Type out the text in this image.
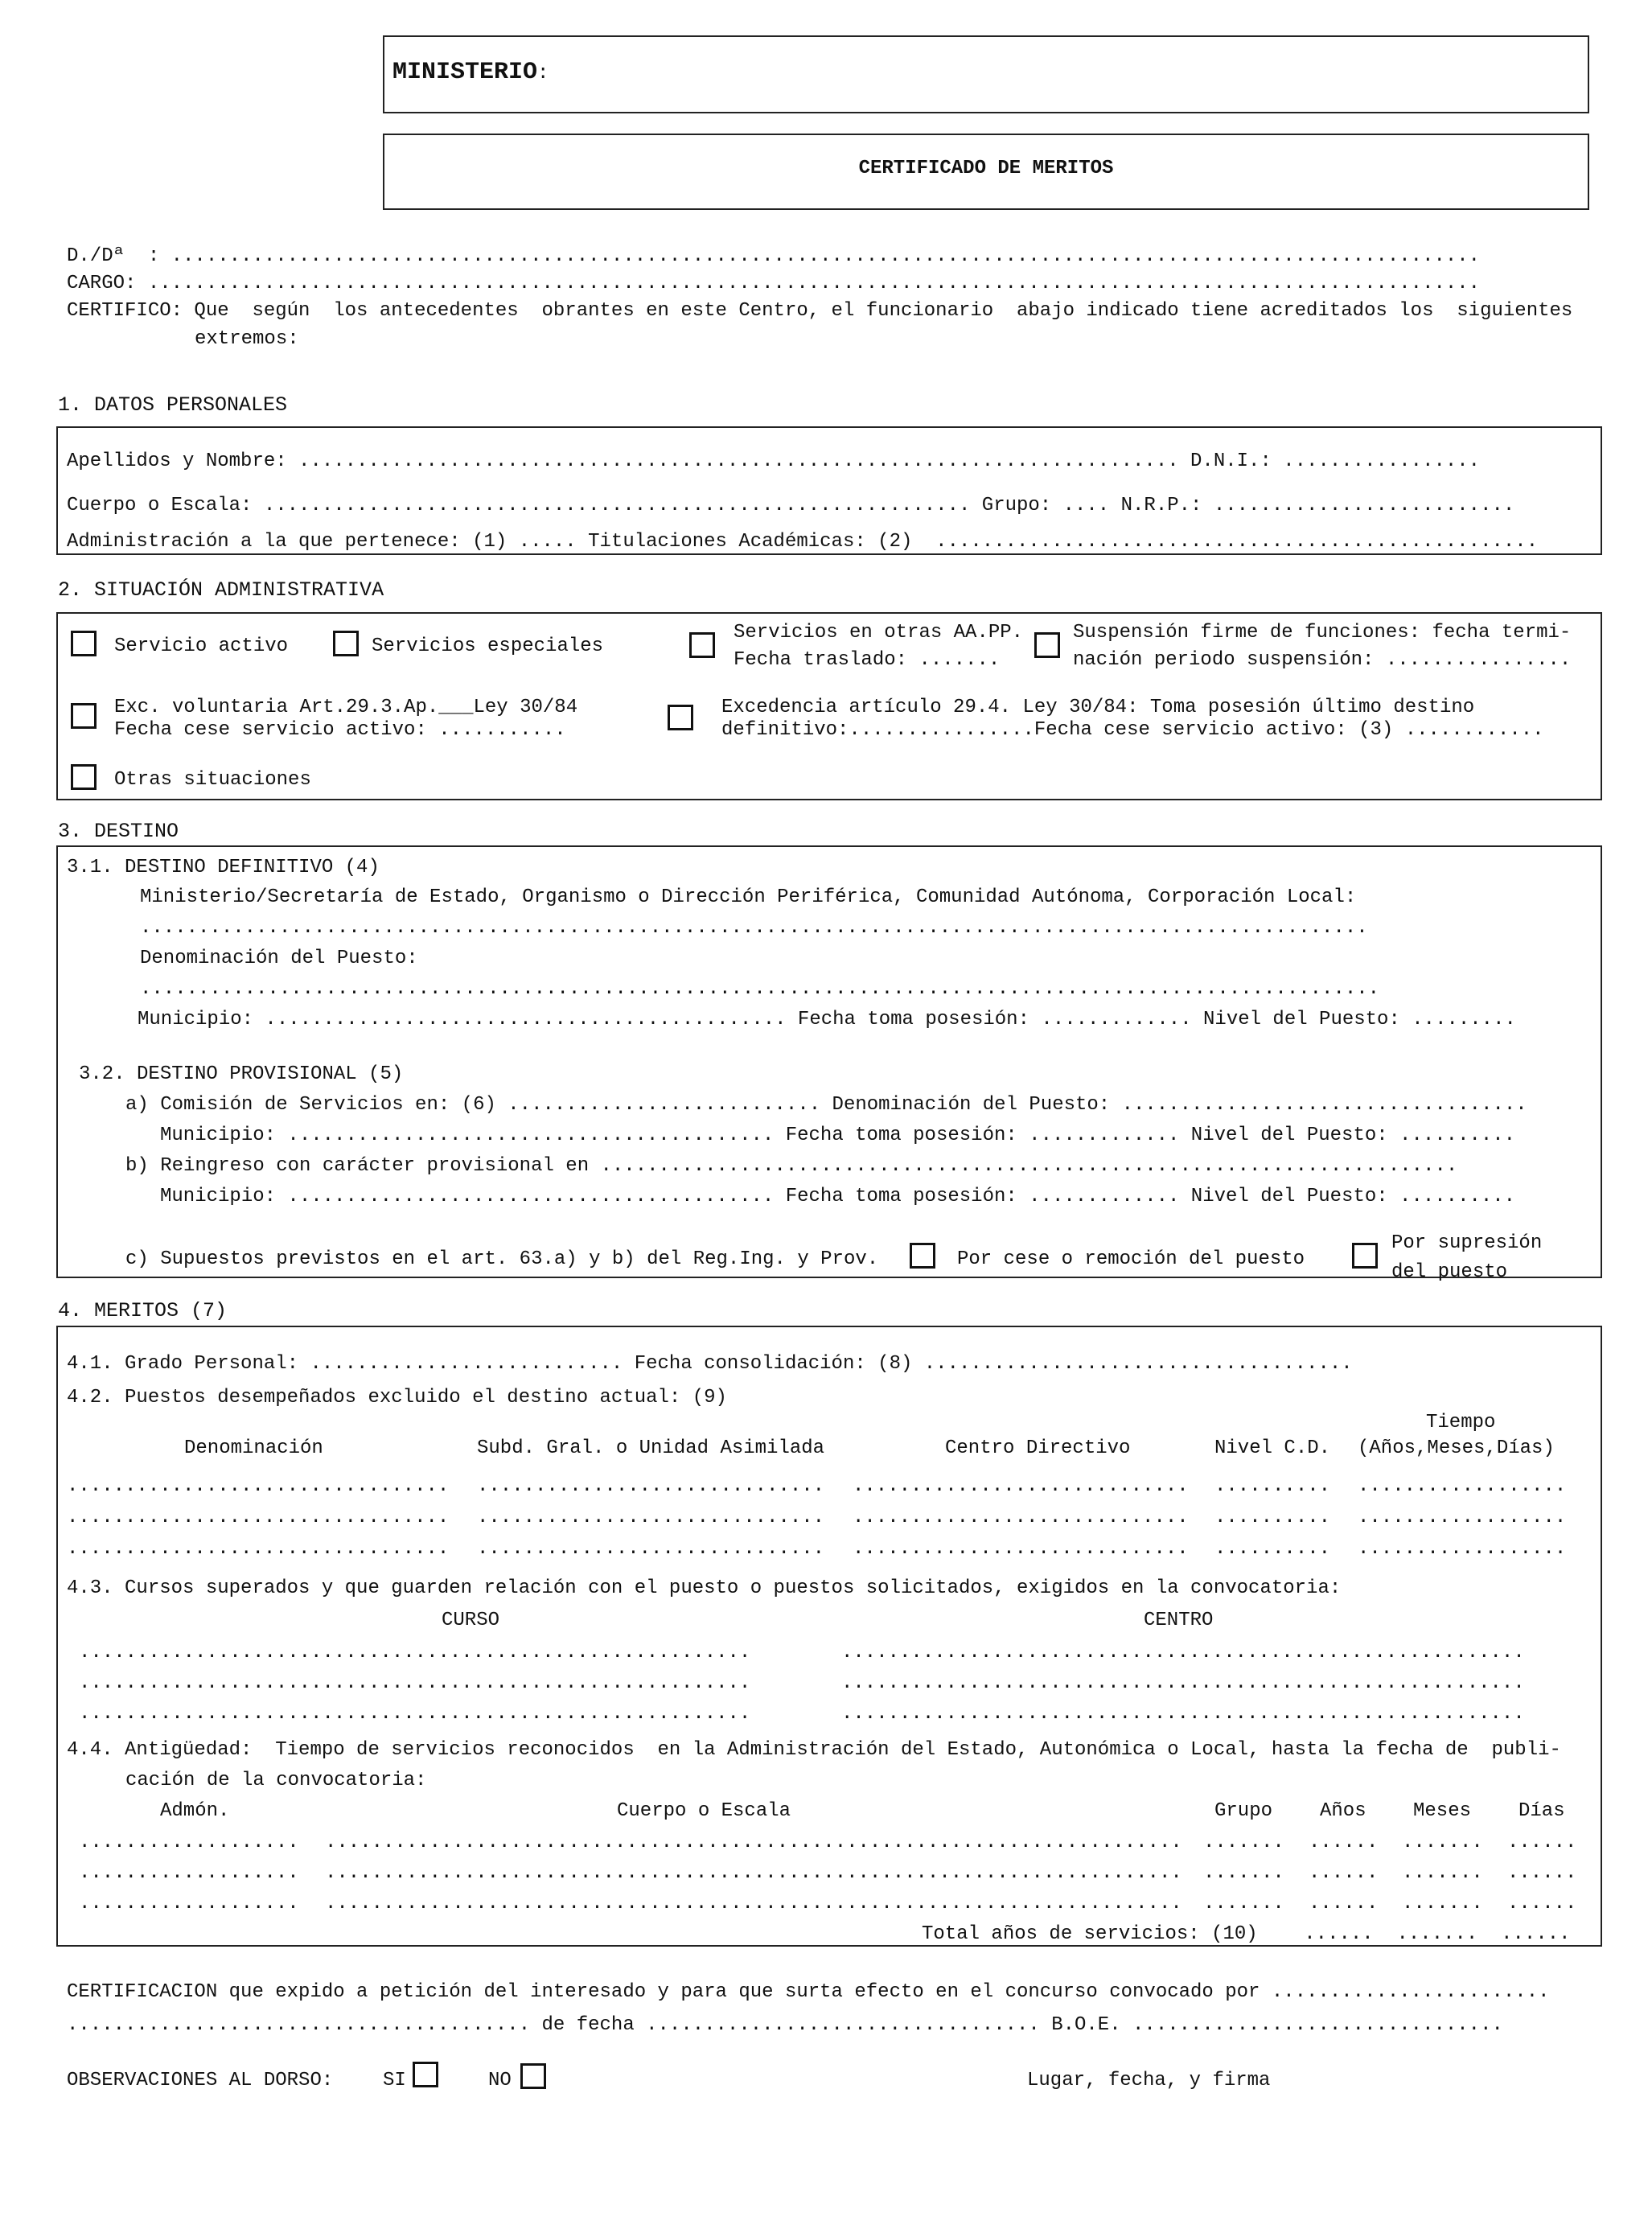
MINISTERIO:
CERTIFICADO DE MERITOS
D./Dª  : .................................................................................................................
CARGO: ...................................................................................................................
CERTIFICO: Que  según  los antecedentes  obrantes en este Centro, el funcionario  abajo indicado tiene acreditados los  siguientes
extremos:
1. DATOS PERSONALES
Apellidos y Nombre: ............................................................................ D.N.I.: .................
Cuerpo o Escala: ............................................................. Grupo: .... N.R.P.: ..........................
Administración a la que pertenece: (1) ..... Titulaciones Académicas: (2)  ....................................................
2. SITUACIÓN ADMINISTRATIVA
Servicio activo	Servicios especiales
Servicios en otras AA.PP.
Fecha traslado: .......
Suspensión firme de funciones: fecha termi-
nación periodo suspensión: ................
Exc. voluntaria Art.29.3.Ap.___Ley 30/84
Fecha cese servicio activo: ...........
Excedencia artículo 29.4. Ley 30/84: Toma posesión último destino
definitivo:................Fecha cese servicio activo: (3) ............
Otras situaciones
3. DESTINO
3.1. DESTINO DEFINITIVO (4)
Ministerio/Secretaría de Estado, Organismo o Dirección Periférica, Comunidad Autónoma, Corporación Local:
..........................................................................................................
Denominación del Puesto:
...........................................................................................................
Municipio: ............................................. Fecha toma posesión: ............. Nivel del Puesto: .........
3.2. DESTINO PROVISIONAL (5)
a) Comisión de Servicios en: (6) ........................... Denominación del Puesto: ...................................
Municipio: .......................................... Fecha toma posesión: ............. Nivel del Puesto: ..........
b) Reingreso con carácter provisional en ..........................................................................
Municipio: .......................................... Fecha toma posesión: ............. Nivel del Puesto: ..........
c) Supuestos previstos en el art. 63.a) y b) del Reg.Ing. y Prov.	Por cese o remoción del puesto
Por supresión
del puesto
4. MERITOS (7)
4.1. Grado Personal: ........................... Fecha consolidación: (8) .....................................
4.2. Puestos desempeñados excluido el destino actual: (9)
Denominación	Subd. Gral. o Unidad Asimilada	Centro Directivo	Nivel C.D.
Tiempo
(Años,Meses,Días)
................................. .............................. ............................. .......... ..................
................................. .............................. ............................. .......... ..................
................................. .............................. ............................. .......... ..................
4.3. Cursos superados y que guarden relación con el puesto o puestos solicitados, exigidos en la convocatoria:
CURSO	CENTRO
..........................................................	...........................................................
..........................................................	...........................................................
..........................................................	...........................................................
4.4. Antigüedad:  Tiempo de servicios reconocidos  en la Administración del Estado, Autonómica o Local, hasta la fecha de  publi-
cación de la convocatoria:
Admón.	Cuerpo o Escala	Grupo Años Meses Días
................... .......................................................................... ....... ...... ....... ......
................... .......................................................................... ....... ...... ....... ......
................... .......................................................................... ....... ...... ....... ......
Total años de servicios: (10)    ......  .......  ......
CERTIFICACION que expido a petición del interesado y para que surta efecto en el concurso convocado por ........................
........................................ de fecha .................................. B.O.E. ................................
OBSERVACIONES AL DORSO:	SI	NO	Lugar, fecha, y firma
